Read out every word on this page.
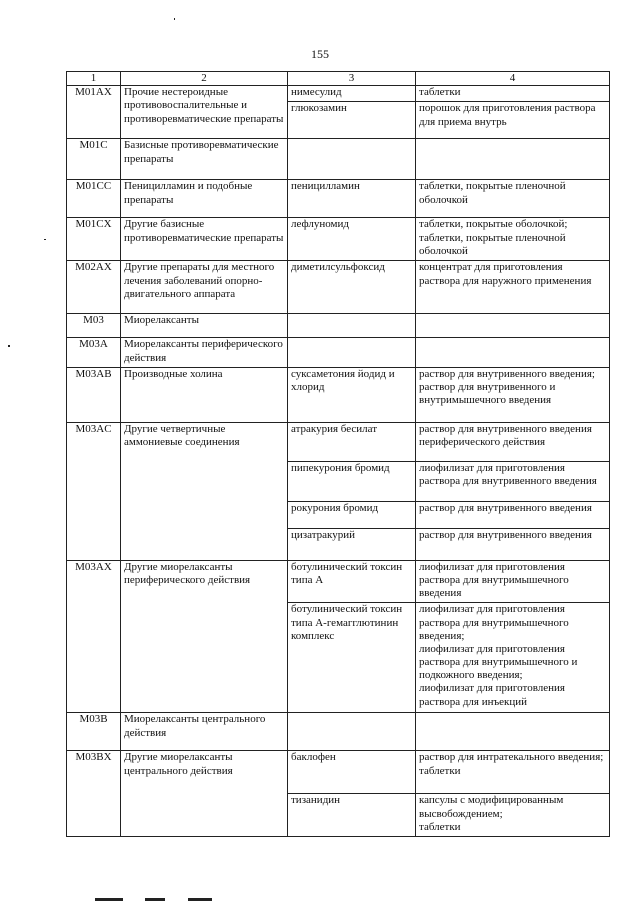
155
1	2	3	4
M01AX	Прочие нестероидные противовоспалительные и противоревматические препараты	нимесулид	таблетки
		глюкозамин	порошок для приготовления раствора для приема внутрь
M01C	Базисные противоревматические препараты		
M01CC	Пеницилламин и подобные препараты	пеницилламин	таблетки, покрытые пленочной оболочкой
M01CX	Другие базисные противоревматические препараты	лефлуномид	таблетки, покрытые оболочкой;
таблетки, покрытые пленочной оболочкой
M02AX	Другие препараты для местного лечения заболеваний опорно-двигательного аппарата	диметилсульфоксид	концентрат для приготовления раствора для наружного применения
M03	Миорелаксанты		
M03A	Миорелаксанты периферического действия		
M03AB	Производные холина	суксаметония йодид и хлорид	раствор для внутривенного введения;
раствор для внутривенного и внутримышечного введения
M03AC	Другие четвертичные аммониевые соединения	атракурия бесилат	раствор для внутривенного введения периферического действия
		пипекурония бромид	лиофилизат для приготовления раствора для внутривенного введения
		рокурония бромид	раствор для внутривенного введения
		цизатракурий	раствор для внутривенного введения
M03AX	Другие миорелаксанты периферического действия	ботулинический токсин типа А	лиофилизат для приготовления раствора для внутримышечного введения
		ботулинический токсин типа А-гемагглютинин комплекс	лиофилизат для приготовления раствора для внутримышечного введения;
лиофилизат для приготовления раствора для внутримышечного и подкожного введения;
лиофилизат для приготовления раствора для инъекций
M03B	Миорелаксанты центрального действия		
M03BX	Другие миорелаксанты центрального действия	баклофен	раствор для интратекального введения;
таблетки
		тизанидин	капсулы с модифицированным высвобождением;
таблетки
